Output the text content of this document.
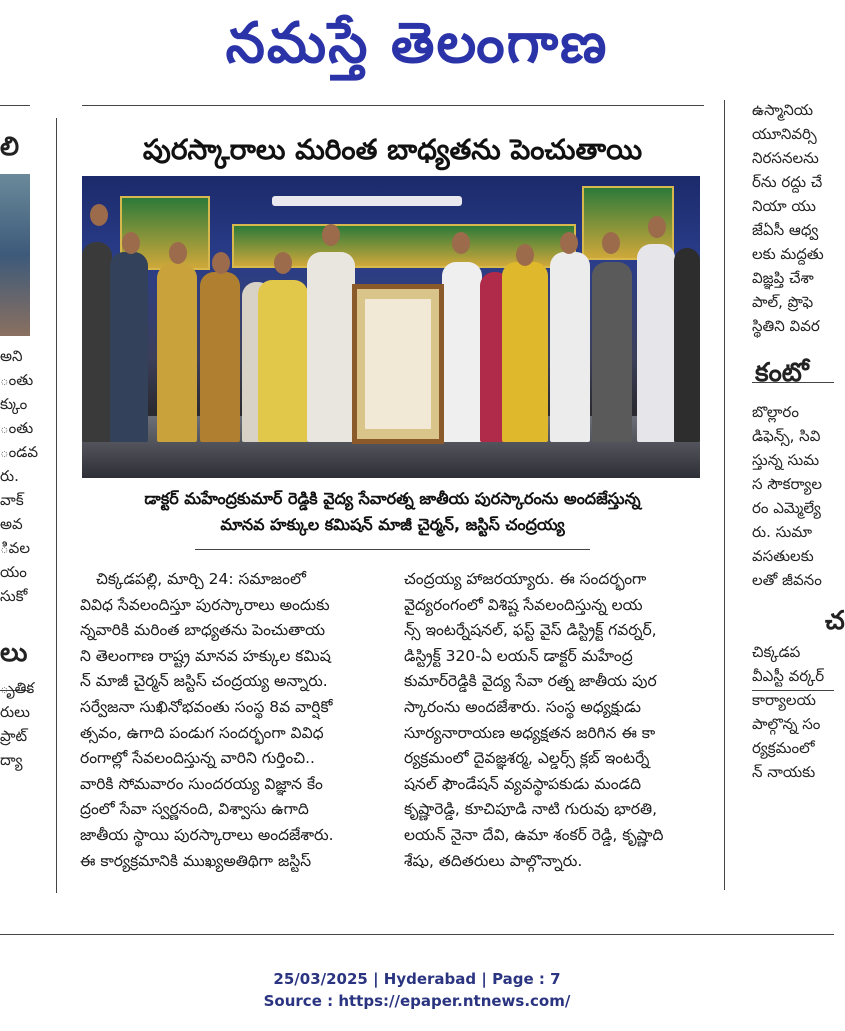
నమస్తే తెలంగాణ
లి

అని

ంతు

క్కుం

ంతు

ండవ

రు.

వాక్

అవ

ివల

యం

సుకో

లు

ృతిక

రులు

ప్రాట్

ద్యా

ఉస్మానియ

యూనివర్సి

నిరసనలను

ర్‌ను రద్దు చే

నియా యు

జేఏసీ ఆధ్వ

లకు మద్దతు

విజ్ఞప్తి చేశా

పాల్, ప్రొఫె

స్థితిని వివర

కంటో

బొల్లారం

డిఫెన్స్, సివి

స్తున్న సుమ

స సౌకర్యాల

రం ఎమ్మెల్యే

రు. సుమా

వసతులకు

లతో జీవనం

చ

చిక్కడప

వీఎస్టీ వర్కర్

కార్యాలయ

పాల్గొన్న సం

ర్యక్రమంలో

న్ నాయకు

పురస్కారాలు మరింత బాధ్యతను పెంచుతాయి
డాక్టర్ మహేంద్రకుమార్ రెడ్డికి వైద్య సేవారత్న జాతీయ పురస్కారంను అందజేస్తున్న
మానవ హక్కుల కమిషన్ మాజీ చైర్మన్, జస్టిస్ చంద్రయ్య

చిక్కడపల్లి, మార్చి 24: సమాజంలో

వివిధ సేవలందిస్తూ పురస్కారాలు అందుకు

న్నవారికి మరింత బాధ్యతను పెంచుతాయ

ని తెలంగాణ రాష్ట్ర మానవ హక్కుల కమిష

న్ మాజీ చైర్మన్ జస్టిస్ చంద్రయ్య అన్నారు.

సర్వేజనా సుఖినోభవంతు సంస్థ 8వ వార్షికో

త్సవం, ఉగాది పండుగ సందర్భంగా వివిధ

రంగాల్లో సేవలందిస్తున్న వారిని గుర్తించి..

వారికి సోమవారం సుందరయ్య విజ్ఞాన కేం

ద్రంలో సేవా స్వర్ణనంది, విశ్వాసు ఉగాది

జాతీయ స్థాయి పురస్కారాలు అందజేశారు.

ఈ కార్యక్రమానికి ముఖ్యఅతిథిగా జస్టిస్

చంద్రయ్య హాజరయ్యారు. ఈ సందర్భంగా

వైద్యరంగంలో విశిష్ట సేవలందిస్తున్న లయ

న్స్ ఇంటర్నేషనల్, ఫస్ట్ వైస్ డిస్ట్రిక్ట్ గవర్నర్,

డిస్ట్రిక్ట్ 320-ఏ లయన్ డాక్టర్ మహేంద్ర

కుమార్‌రెడ్డికి వైద్య సేవా రత్న జాతీయ పుర

స్కారంను అందజేశారు. సంస్థ అధ్యక్షుడు

సూర్యనారాయణ అధ్యక్షతన జరిగిన ఈ కా

ర్యక్రమంలో దైవజ్ఞశర్మ, ఎల్డర్స్ క్లబ్ ఇంటర్నే

షనల్ ఫౌండేషన్ వ్యవస్థాపకుడు మండది

కృష్ణారెడ్డి, కూచిపూడి నాటి గురువు భారతి,

లయన్ నైనా దేవి, ఉమా శంకర్ రెడ్డి, కృష్ణాది

శేషు, తదితరులు పాల్గొన్నారు.

25/03/2025 | Hyderabad | Page : 7
Source : https://epaper.ntnews.com/
